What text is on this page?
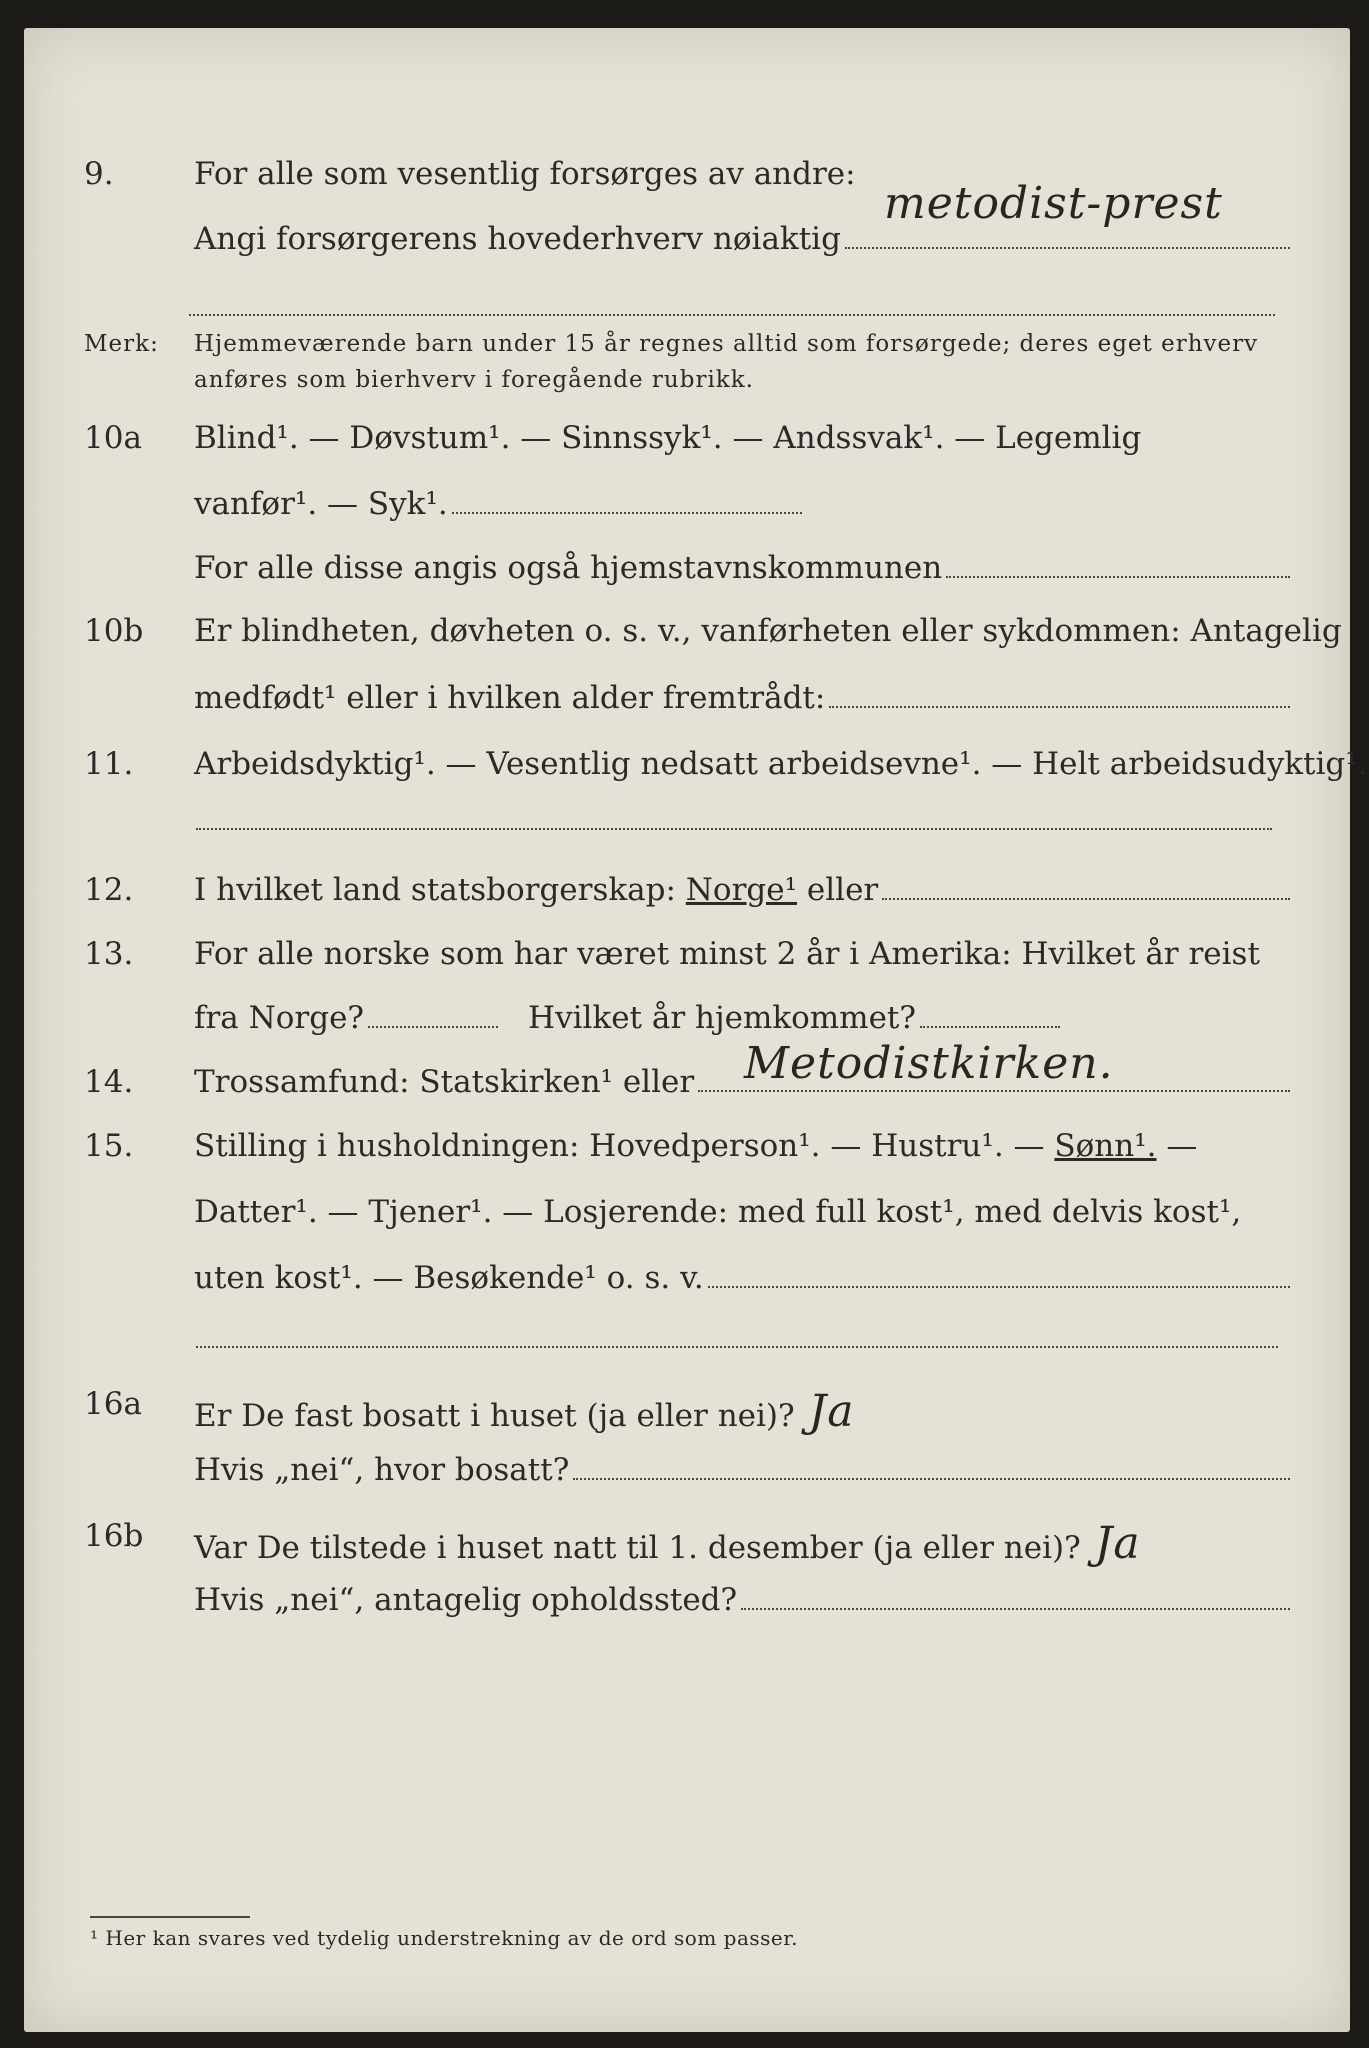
9.	For alle som vesentlig forsørges av andre:
metodist-prest
Angi forsørgerens hovederhverv nøiaktig
Merk: Hjemmeværende barn under 15 år regnes alltid som forsørgede; deres eget erhverv
anføres som bierhverv i foregående rubrikk.
10a Blind¹. — Døvstum¹. — Sinnssyk¹. — Andssvak¹. — Legemlig
vanfør¹. — Syk¹.
For alle disse angis også hjemstavnskommunen
10b Er blindheten, døvheten o. s. v., vanførheten eller sykdommen: Antagelig
medfødt¹ eller i hvilken alder fremtrådt:
11. Arbeidsdyktig¹. — Vesentlig nedsatt arbeidsevne¹. — Helt arbeidsudyktig¹.
12. I hvilket land statsborgerskap:
Norge¹
eller
13. For alle norske som har været minst 2 år i Amerika: Hvilket år reist
fra Norge?	Hvilket år hjemkommet?
14. Trossamfund: Statskirken¹ eller Metodistkirken.
15. Stilling i husholdningen: Hovedperson¹. — Hustru¹. —
Sønn¹.
—
Datter¹. — Tjener¹. — Losjerende: med full kost¹, med delvis kost¹,
uten kost¹. — Besøkende¹ o. s. v.
16a Er De fast bosatt i huset (ja eller nei)? Ja
Hvis „nei“, hvor bosatt?
16b Var De tilstede i huset natt til 1. desember (ja eller nei)? Ja
Hvis „nei“, antagelig opholdssted?
¹ Her kan svares ved tydelig understrekning av de ord som passer.
